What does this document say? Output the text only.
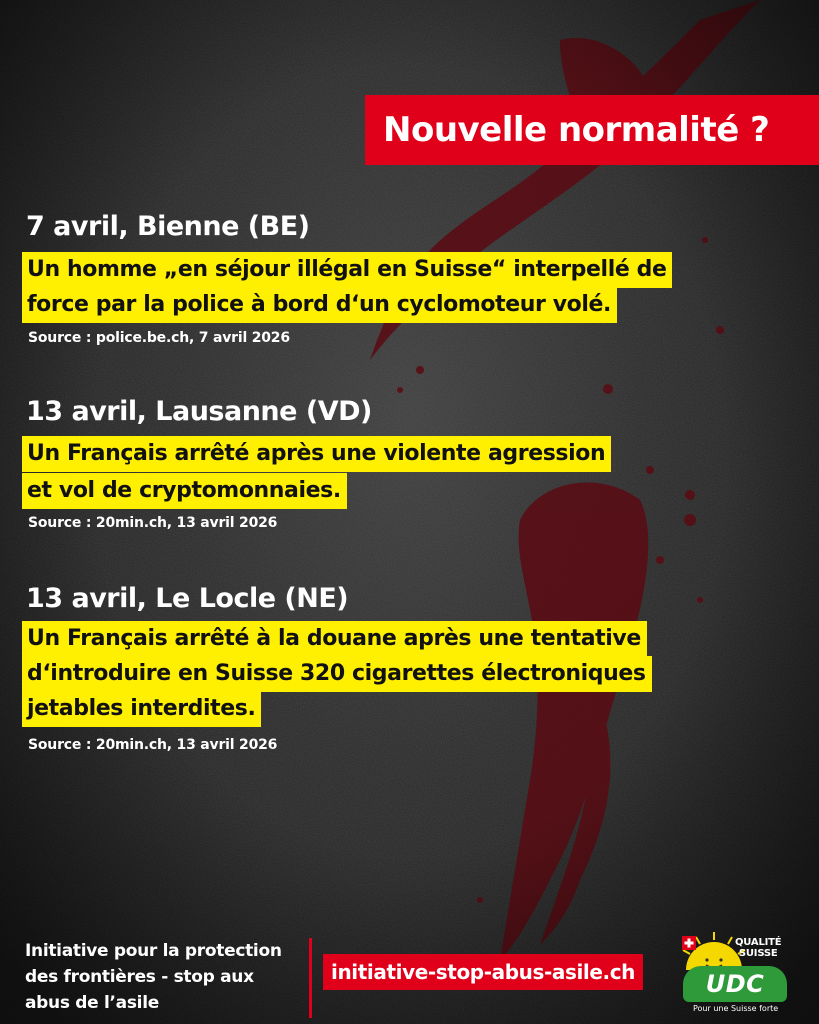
Nouvelle normalité ?
7 avril, Bienne (BE)
Un homme „en séjour illégal en Suisse“ interpellé de
force par la police à bord d‘un cyclomoteur volé.
Source : police.be.ch, 7 avril 2026
13 avril, Lausanne (VD)
Un Français arrêté après une violente agression
et vol de cryptomonnaies.
Source : 20min.ch, 13 avril 2026
13 avril, Le Locle (NE)
Un Français arrêté à la douane après une tentative
d‘introduire en Suisse 320 cigarettes électroniques
jetables interdites.
Source : 20min.ch, 13 avril 2026
Initiative pour la protection
des frontières - stop aux
abus de l’asile
initiative-stop-abus-asile.ch
QUALITÉ
SUISSE
UDC
Pour une Suisse forte
